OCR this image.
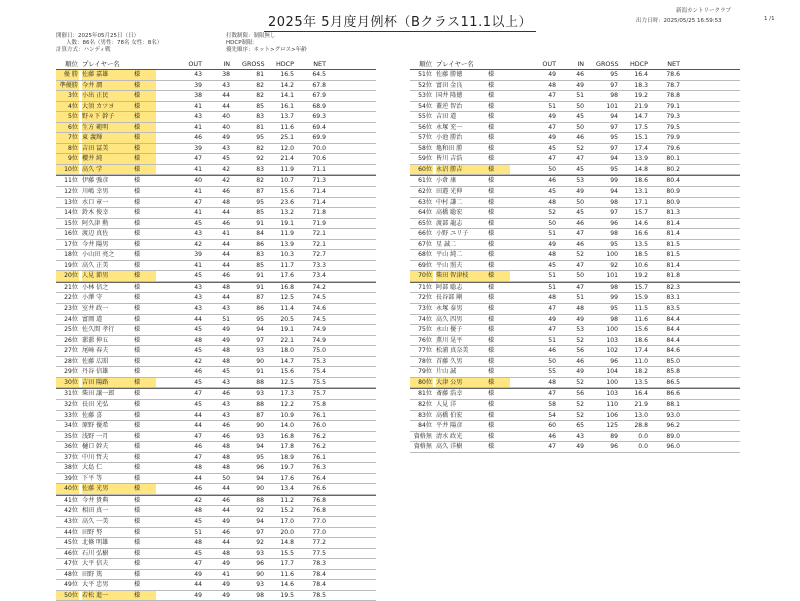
2025年 5月度月例杯（Bクラス11.1以上）
新潟カントリークラブ
出力日時：2025/05/25 16:59:53	1 /1
開催日：2025年05月25日（日）
人数：86名（男性：78名 女性：8名）
計算方式：ハンディ戦
打数制限：制限無し
HDCP制限：
優先順序：ネット>グロス>年齢
順位 プレイヤー名	OUT	IN GROSS	HDCP	NET
優 勝 佐藤 嘉雄	様	43	38	81	16.5	64.5
準優勝 今井 潤	様	39	43	82	14.2	67.8
3位 小出 正民	様	38	44	82	14.1	67.9
4位 大須 カツヨ	様	41	44	85	16.1	68.9
5位 野々下 幹子	様	43	40	83	13.7	69.3
6位 生方 範明	様	41	40	81	11.6	69.4
7位 東 義輝	様	46	49	95	25.1	69.9
8位 吉田 冨美	様	39	43	82	12.0	70.0
9位 櫻井 純	様	47	45	92	21.4	70.6
10位 高久 学	様	41	42	83	11.9	71.1
11位 伊藤 強彦	様	40	42	82	10.7	71.3
12位 川嶋 幸男	様	41	46	87	15.6	71.4
13位 水口 章一	様	47	48	95	23.6	71.4
14位 鈴木 俊幸	様	41	44	85	13.2	71.8
15位 阿久津 勲	様	45	46	91	19.1	71.9
16位 渡辺 真佐	様	43	41	84	11.9	72.1
17位 今井 陽男	様	42	44	86	13.9	72.1
18位 小山田 亮之	様	39	44	83	10.3	72.7
19位 高久 正美	様	41	44	85	11.7	73.3
20位 人見 節男	様	45	46	91	17.6	73.4
21位 小林 信之	様	43	48	91	16.8	74.2
22位 小澤 守	様	43	44	87	12.5	74.5
23位 室井 政一	様	43	43	86	11.4	74.6
24位 富岡 道	様	44	51	95	20.5	74.5
25位 佐久間 孝行	様	45	49	94	19.1	74.9
26位 蔀蔀 伸五	様	48	49	97	22.1	74.9
27位 尾﨑 春夫	様	45	48	93	18.0	75.0
28位 佐藤 広昭	様	42	48	90	14.7	75.3
29位 丹谷 信雄	様	46	45	91	15.6	75.4
30位 吉田 陽路	様	45	43	88	12.5	75.5
31位 柴田 譲一郎	様	47	46	93	17.3	75.7
32位 長田 光弘	様	45	43	88	12.2	75.8
33位 佐藤 喜	様	44	43	87	10.9	76.1
34位 原野 優希	様	44	46	90	14.0	76.0
35位 浅野 一月	様	47	46	93	16.8	76.2
36位 樋口 幹夫	様	46	48	94	17.8	76.2
37位 中川 哲夫	様	47	48	95	18.9	76.1
38位 大島 仁	様	48	48	96	19.7	76.3
39位 下平 等	様	44	50	94	17.6	76.4
40位 佐藤 光男	様	46	44	90	13.4	76.6
41位 今井 貴典	様	42	46	88	11.2	76.8
42位 相田 真一	様	48	44	92	15.2	76.8
43位 高久 一美	様	45	49	94	17.0	77.0
44位 田野 努	様	51	46	97	20.0	77.0
45位 北條 明雄	様	48	44	92	14.8	77.2
46位 石川 弘樹	様	45	48	93	15.5	77.5
47位 大平 信夫	様	47	49	96	17.7	78.3
48位 田野 篤	様	49	41	90	11.6	78.4
49位 大平 忠男	様	44	49	93	14.6	78.4
50位 若松 進一	様	49	49	98	19.5	78.5
順位 プレイヤー名	OUT	IN GROSS	HDCP	NET
51位 佐藤 勝徳	様	49	46	95	16.4	78.6
52位 富田 金良	様	48	49	97	18.3	78.7
53位 国井 隆徳	様	47	51	98	19.2	78.8
54位 蓋逆 智治	様	51	50	101	21.9	79.1
55位 吉田 道	様	49	45	94	14.7	79.3
56位 永塚 充一	様	47	50	97	17.5	79.5
57位 小池 勝治	様	49	46	95	15.1	79.9
58位 亀和田 勝	様	45	52	97	17.4	79.6
59位 皆川 吉浩	様	47	47	94	13.9	80.1
60位 永沼 勝吉	様	50	45	95	14.8	80.2
61位 小倉 康	様	46	53	99	18.6	80.4
62位 田邉 光伸	様	45	49	94	13.1	80.9
63位 中村 謙二	様	48	50	98	17.1	80.9
64位 高橋 聡宏	様	52	45	97	15.7	81.3
65位 渡部 龍志	様	50	46	96	14.6	81.4
66位 小野 ユリ子	様	51	47	98	16.6	81.4
67位 星 誠二	様	49	46	95	13.5	81.5
68位 平山 純二	様	48	52	100	18.5	81.5
69位 平山 照夫	様	45	47	92	10.6	81.4
70位 柴田 智津枝	様	51	50	101	19.2	81.8
71位 阿部 聡志	様	51	47	98	15.7	82.3
72位 長谷部 剛	様	48	51	99	15.9	83.1
73位 永塚 泰男	様	47	48	95	11.5	83.5
74位 高久 四男	様	49	49	98	11.6	84.4
75位 永山 優子	様	47	53	100	15.6	84.4
76位 薫川 晃平	様	51	52	103	18.6	84.4
77位 松浦 真奈美	様	46	56	102	17.4	84.6
78位 首藤 久男	様	50	46	96	11.0	85.0
79位 片山 誠	様	55	49	104	18.2	85.8
80位 大津 公男	様	48	52	100	13.5	86.5
81位 斎藤 浩幸	様	47	56	103	16.4	86.6
82位 人見 洋	様	58	52	110	21.9	88.1
83位 高橋 伯宏	様	54	52	106	13.0	93.0
84位 平井 陽彦	様	60	65	125	28.8	96.2
資格無 清水 政光	様	46	43	89	0.0	89.0
資格無 高久 洋樹	様	47	49	96	0.0	96.0
